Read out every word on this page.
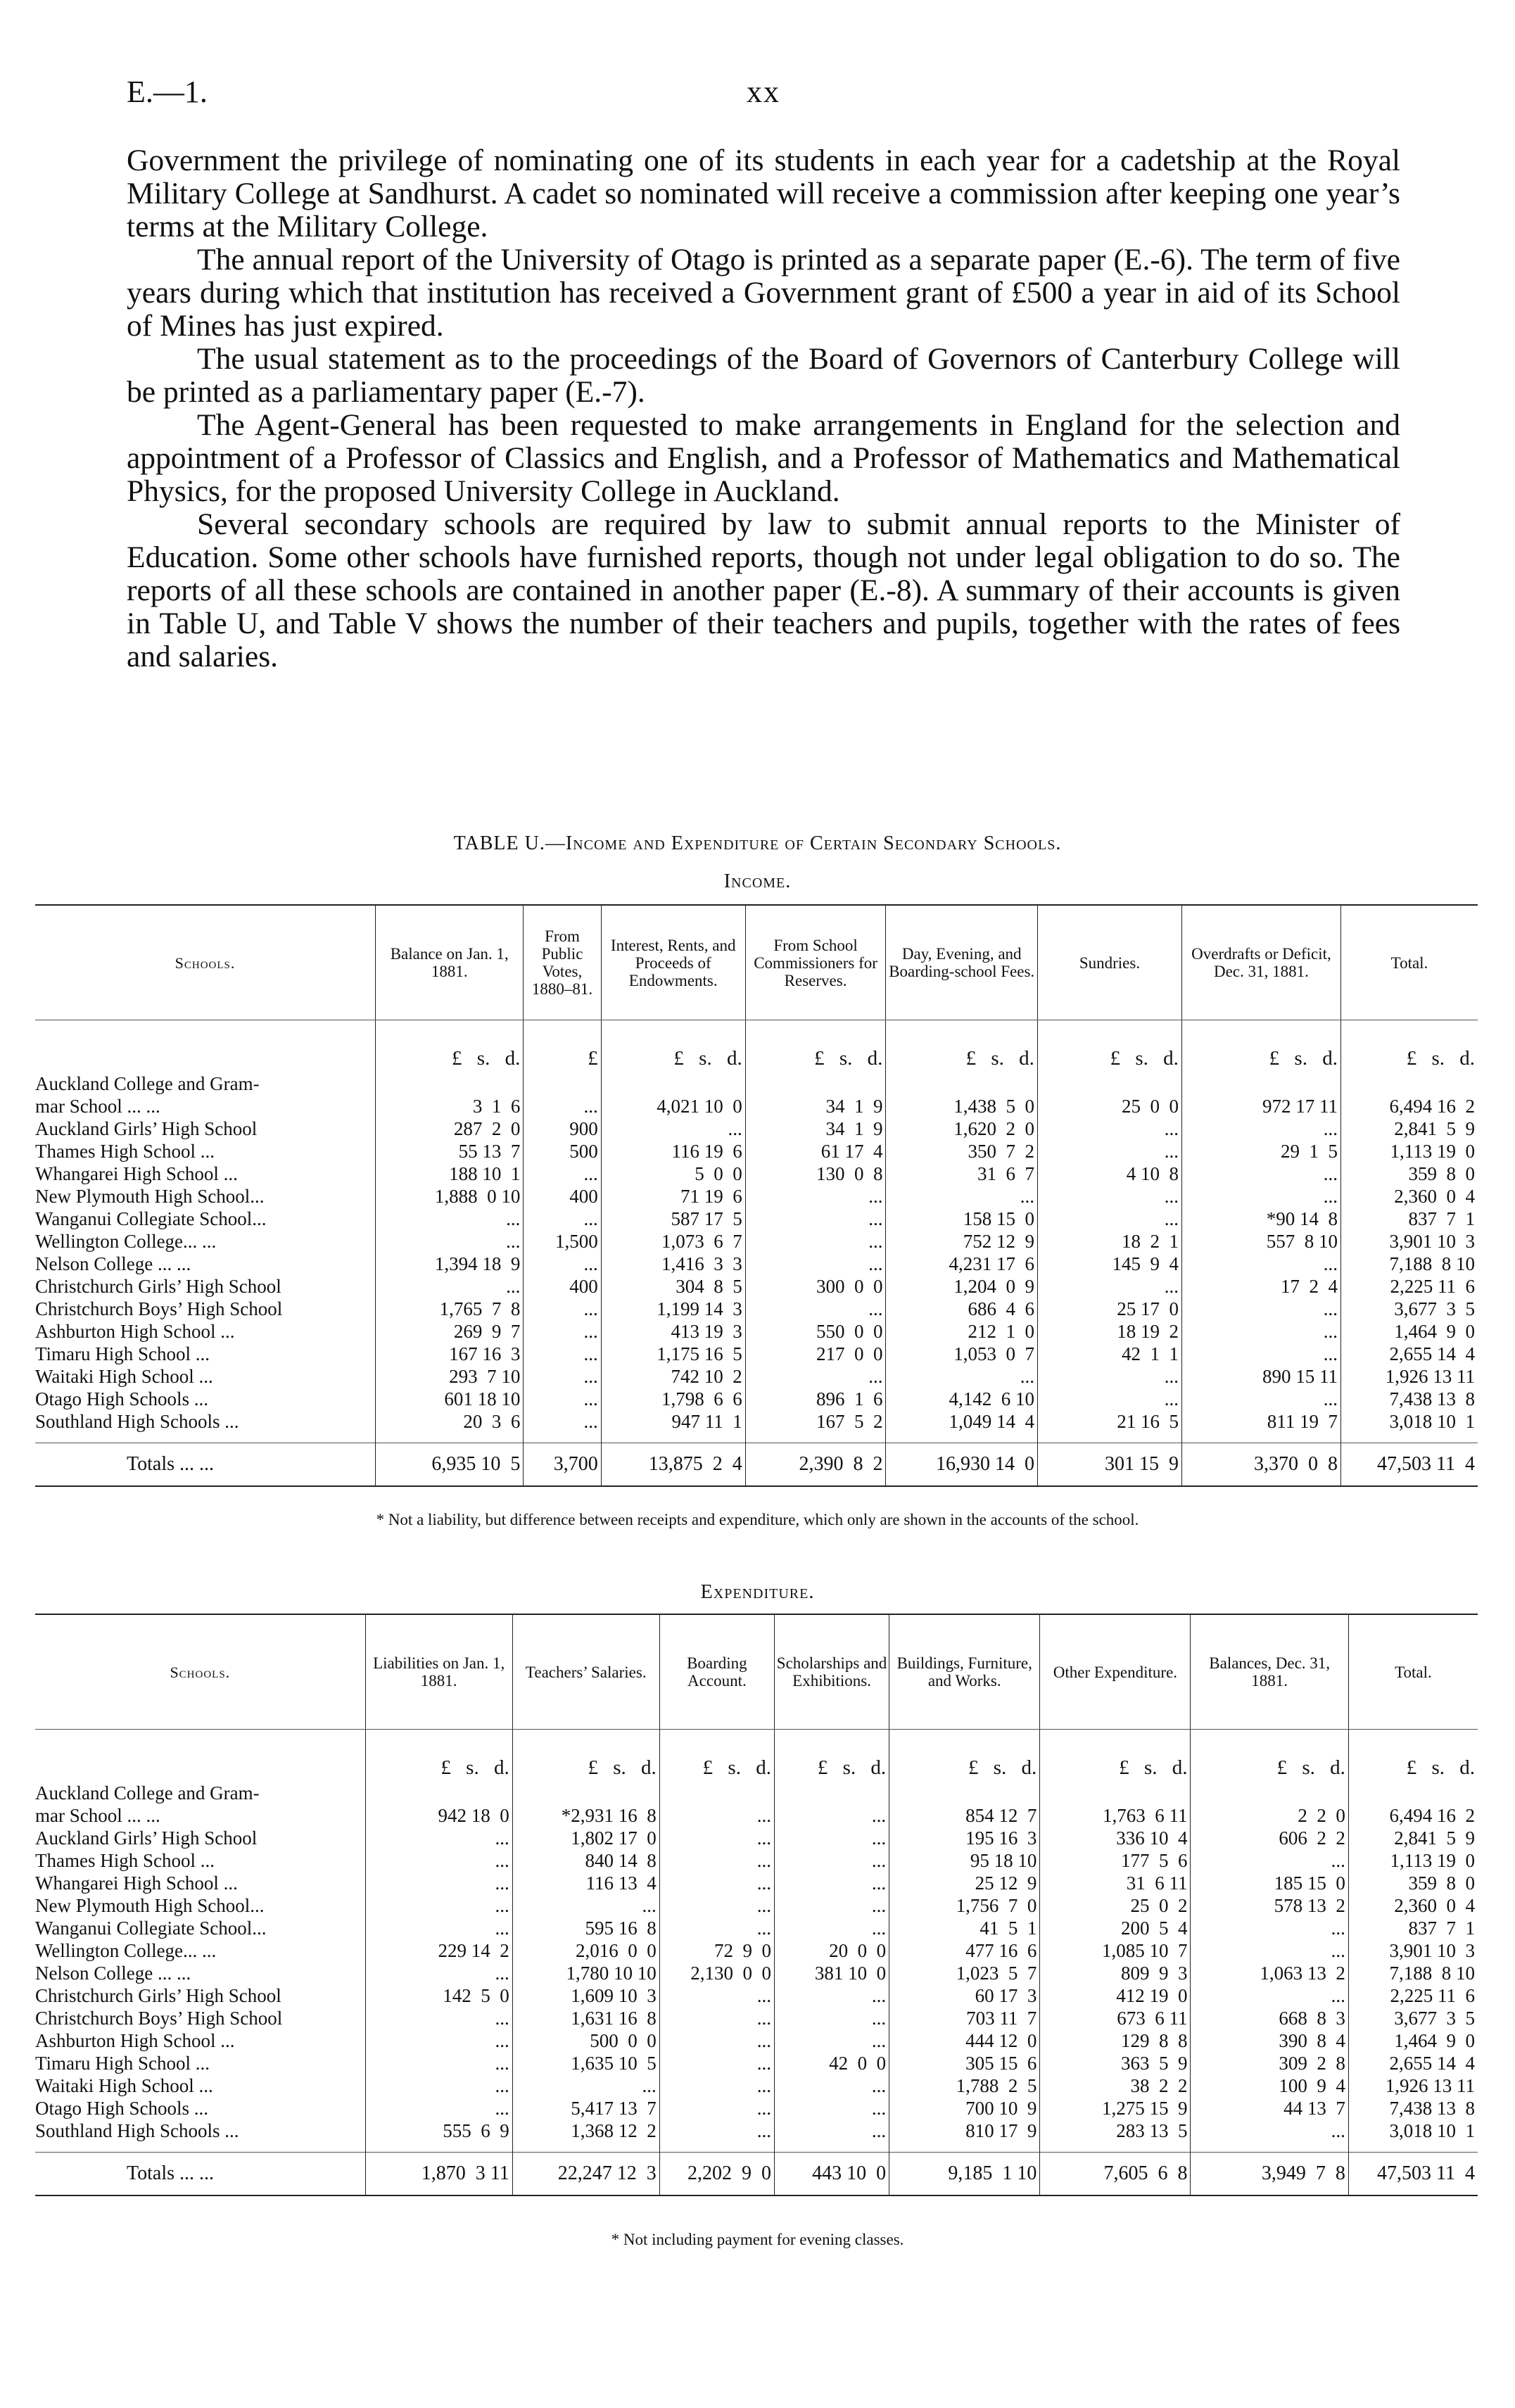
E.—1.	xx

Government the privilege of nominating one of its students in each year for a cadetship at the Royal Military College at Sandhurst. A cadet so nominated will receive a commission after keeping one year’s terms at the Military College.

The annual report of the University of Otago is printed as a separate paper (E.-6). The term of five years during which that institution has received a Government grant of £500 a year in aid of its School of Mines has just expired.

The usual statement as to the proceedings of the Board of Governors of Canterbury College will be printed as a parliamentary paper (E.-7).

The Agent-General has been requested to make arrangements in England for the selection and appointment of a Professor of Classics and English, and a Professor of Mathematics and Mathematical Physics, for the proposed University College in Auckland.

Several secondary schools are required by law to submit annual reports to the Minister of Education. Some other schools have furnished reports, though not under legal obligation to do so. The reports of all these schools are contained in another paper (E.-8). A summary of their accounts is given in Table U, and Table V shows the number of their teachers and pupils, together with the rates of fees and salaries.

TABLE U.—Income and Expenditure of Certain Secondary Schools.
Income.
Schools.	Balance on Jan. 1, 1881.	From Public Votes, 1880–81.	Interest, Rents, and Proceeds of Endowments.	From School Commissioners for Reserves.	Day, Evening, and Boarding-school Fees.	Sundries.	Overdrafts or Deficit, Dec. 31, 1881.	Total.
	£ s. d.	£	£ s. d.	£ s. d.	£ s. d.	£ s. d.	£ s. d.	£ s. d.
Auckland College and Gram-								
mar School ... ...	3  1  6	...	4,021 10  0	34  1  9	1,438  5  0	25  0  0	972 17 11	6,494 16  2
Auckland Girls’ High School	287  2  0	900	...	34  1  9	1,620  2  0	...	...	2,841  5  9
Thames High School ...	55 13  7	500	116 19  6	61 17  4	350  7  2	...	29  1  5	1,113 19  0
Whangarei High School ...	188 10  1	...	5  0  0	130  0  8	31  6  7	4 10  8	...	359  8  0
New Plymouth High School...	1,888  0 10	400	71 19  6	...	...	...	...	2,360  0  4
Wanganui Collegiate School...	...	...	587 17  5	...	158 15  0	...	*90 14  8	837  7  1
Wellington College... ...	...	1,500	1,073  6  7	...	752 12  9	18  2  1	557  8 10	3,901 10  3
Nelson College ... ...	1,394 18  9	...	1,416  3  3	...	4,231 17  6	145  9  4	...	7,188  8 10
Christchurch Girls’ High School	...	400	304  8  5	300  0  0	1,204  0  9	...	17  2  4	2,225 11  6
Christchurch Boys’ High School	1,765  7  8	...	1,199 14  3	...	686  4  6	25 17  0	...	3,677  3  5
Ashburton High School ...	269  9  7	...	413 19  3	550  0  0	212  1  0	18 19  2	...	1,464  9  0
Timaru High School ...	167 16  3	...	1,175 16  5	217  0  0	1,053  0  7	42  1  1	...	2,655 14  4
Waitaki High School ...	293  7 10	...	742 10  2	...	...	...	890 15 11	1,926 13 11
Otago High Schools ...	601 18 10	...	1,798  6  6	896  1  6	4,142  6 10	...	...	7,438 13  8
Southland High Schools ...	20  3  6	...	947 11  1	167  5  2	1,049 14  4	21 16  5	811 19  7	3,018 10  1

Totals ... ...	6,935 10  5	3,700	13,875  2  4	2,390  8  2	16,930 14  0	301 15  9	3,370  0  8	47,503 11  4
* Not a liability, but difference between receipts and expenditure, which only are shown in the accounts of the school.
Expenditure.
Schools.	Liabilities on Jan. 1, 1881.	Teachers’ Salaries.	Boarding Account.	Scholarships and Exhibitions.	Buildings, Furniture, and Works.	Other Expenditure.	Balances, Dec. 31, 1881.	Total.
	£ s. d.	£ s. d.	£ s. d.	£ s. d.	£ s. d.	£ s. d.	£ s. d.	£ s. d.
Auckland College and Gram-								
mar School ... ...	942 18  0	*2,931 16  8	...	...	854 12  7	1,763  6 11	2  2  0	6,494 16  2
Auckland Girls’ High School	...	1,802 17  0	...	...	195 16  3	336 10  4	606  2  2	2,841  5  9
Thames High School ...	...	840 14  8	...	...	95 18 10	177  5  6	...	1,113 19  0
Whangarei High School ...	...	116 13  4	...	...	25 12  9	31  6 11	185 15  0	359  8  0
New Plymouth High School...	...	...	...	...	1,756  7  0	25  0  2	578 13  2	2,360  0  4
Wanganui Collegiate School...	...	595 16  8	...	...	41  5  1	200  5  4	...	837  7  1
Wellington College... ...	229 14  2	2,016  0  0	72  9  0	20  0  0	477 16  6	1,085 10  7	...	3,901 10  3
Nelson College ... ...	...	1,780 10 10	2,130  0  0	381 10  0	1,023  5  7	809  9  3	1,063 13  2	7,188  8 10
Christchurch Girls’ High School	142  5  0	1,609 10  3	...	...	60 17  3	412 19  0	...	2,225 11  6
Christchurch Boys’ High School	...	1,631 16  8	...	...	703 11  7	673  6 11	668  8  3	3,677  3  5
Ashburton High School ...	...	500  0  0	...	...	444 12  0	129  8  8	390  8  4	1,464  9  0
Timaru High School ...	...	1,635 10  5	...	42  0  0	305 15  6	363  5  9	309  2  8	2,655 14  4
Waitaki High School ...	...	...	...	...	1,788  2  5	38  2  2	100  9  4	1,926 13 11
Otago High Schools ...	...	5,417 13  7	...	...	700 10  9	1,275 15  9	44 13  7	7,438 13  8
Southland High Schools ...	555  6  9	1,368 12  2	...	...	810 17  9	283 13  5	...	3,018 10  1

Totals ... ...	1,870  3 11	22,247 12  3	2,202  9  0	443 10  0	9,185  1 10	7,605  6  8	3,949  7  8	47,503 11  4
* Not including payment for evening classes.
